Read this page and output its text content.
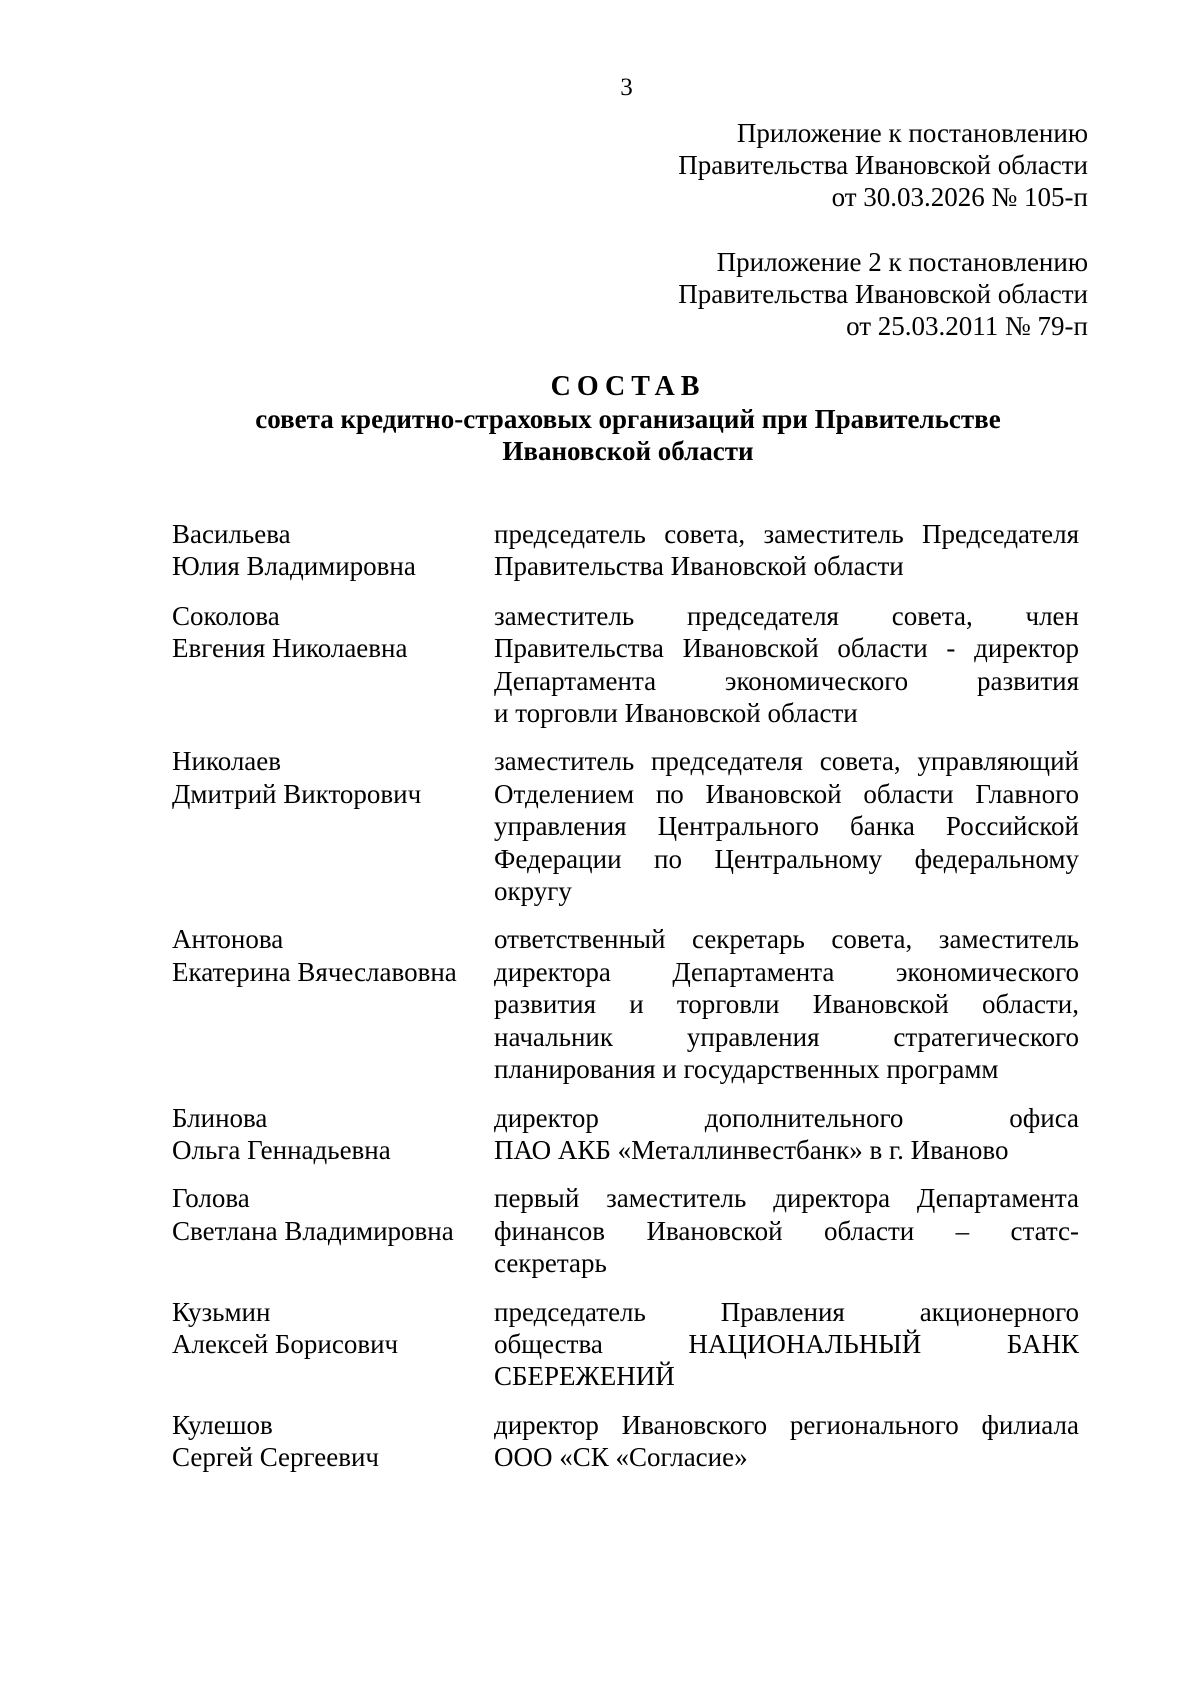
3
Приложение к постановлению
Правительства Ивановской области
от 30.03.2026 № 105-п
Приложение 2 к постановлению
Правительства Ивановской области
от 25.03.2011 № 79-п
СОСТАВ
совета кредитно-страховых организаций при Правительстве
Ивановской области
Васильева
Юлия Владимировна
председатель совета, заместитель Председателя
Правительства Ивановской области
Соколова
Евгения Николаевна
заместитель председателя совета, член
Правительства Ивановской области - директор
Департамента экономического развития
и торговли Ивановской области
Николаев
Дмитрий Викторович
заместитель председателя совета, управляющий
Отделением по Ивановской области Главного
управления Центрального банка Российской
Федерации по Центральному федеральному
округу
Антонова
Екатерина Вячеславовна
ответственный секретарь совета, заместитель
директора Департамента экономического
развития и торговли Ивановской области,
начальник управления стратегического
планирования и государственных программ
Блинова
Ольга Геннадьевна
директор дополнительного офиса
ПАО АКБ «Металлинвестбанк» в г. Иваново
Голова
Светлана Владимировна
первый заместитель директора Департамента
финансов Ивановской области – статс-
секретарь
Кузьмин
Алексей Борисович
председатель Правления акционерного
общества НАЦИОНАЛЬНЫЙ БАНК
СБЕРЕЖЕНИЙ
Кулешов
Сергей Сергеевич
директор Ивановского регионального филиала
ООО «СК «Согласие»
